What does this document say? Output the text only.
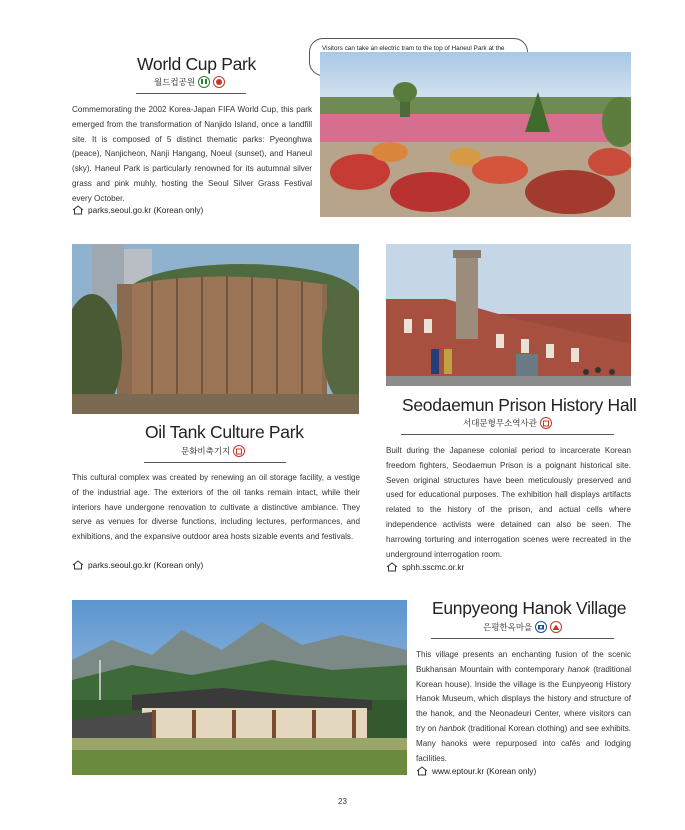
World Cup Park
월드컵공원
Commemorating the 2002 Korea-Japan FIFA World Cup, this park emerged from the transformation of Nanjido Island, once a landfill site. It is composed of 5 distinct thematic parks: Pyeonghwa (peace), Nanjicheon, Nanji Hangang, Noeul (sunset), and Haneul (sky). Haneul Park is particularly renowned for its autumnal silver grass and pink muhly, hosting the Seoul Silver Grass Festival every October.
parks.seoul.go.kr (Korean only)
Visitors can take an electric tram to the top of Haneul Park at the
Oil Tank Culture Park
문화비축기지
This cultural complex was created by renewing an oil storage facility, a vestige of the industrial age. The exteriors of the oil tanks remain intact, while their interiors have undergone renovation to cultivate a distinctive ambiance. They serve as venues for diverse functions, including lectures, performances, and exhibitions, and the expansive outdoor area hosts sizable events and festivals.
parks.seoul.go.kr (Korean only)
Seodaemun Prison History Hall
서대문형무소역사관
Built during the Japanese colonial period to incarcerate Korean freedom fighters, Seodaemun Prison is a poignant historical site. Seven original structures have been meticulously preserved and used for educational purposes. The exhibition hall displays artifacts related to the history of the prison, and actual cells where independence activists were detained can also be seen. The harrowing torturing and interrogation scenes were recreated in the underground interrogation room.
sphh.sscmc.or.kr
Eunpyeong Hanok Village
은평한옥마을
This village presents an enchanting fusion of the scenic Bukhansan Mountain with contemporary hanok (traditional Korean house). Inside the village is the Eunpyeong History Hanok Museum, which displays the history and structure of the hanok, and the Neonadeuri Center, where visitors can try on hanbok (traditional Korean clothing) and see exhibits. Many hanoks were repurposed into cafés and lodging facilities.
www.eptour.kr (Korean only)
23
